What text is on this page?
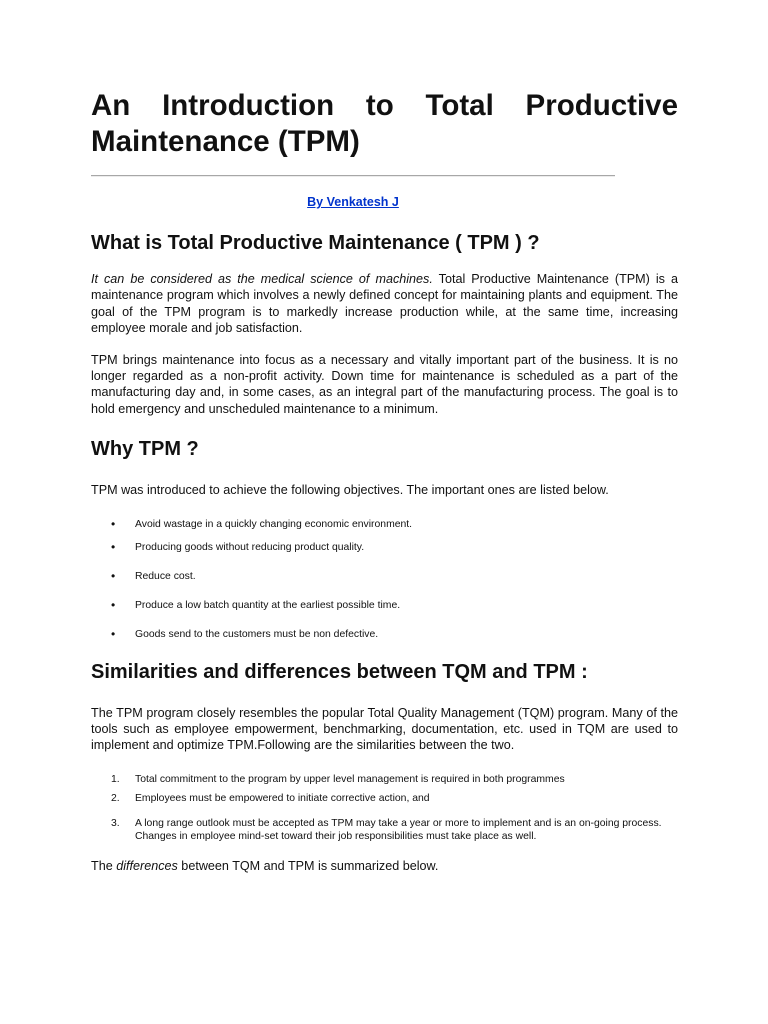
An Introduction to Total Productive Maintenance (TPM)
By Venkatesh J
What is Total Productive Maintenance ( TPM ) ?

It can be considered as the medical science of machines. Total Productive Maintenance (TPM) is a maintenance program which involves a newly defined concept for maintaining plants and equipment. The goal of the TPM program is to markedly increase production while, at the same time, increasing employee morale and job satisfaction.

TPM brings maintenance into focus as a necessary and vitally important part of the business. It is no longer regarded as a non-profit activity. Down time for maintenance is scheduled as a part of the manufacturing day and, in some cases, as an integral part of the manufacturing process. The goal is to hold emergency and unscheduled maintenance to a minimum.

Why TPM ?

TPM was introduced to achieve the following objectives. The important ones are listed below.

• Avoid wastage in a quickly changing economic environment.
• Producing goods without reducing product quality.
• Reduce cost.
• Produce a low batch quantity at the earliest possible time.
• Goods send to the customers must be non defective.
Similarities and differences between TQM and TPM :

The TPM program closely resembles the popular Total Quality Management (TQM) program. Many of the tools such as employee empowerment, benchmarking, documentation, etc. used in TQM are used to implement and optimize TPM.Following are the similarities between the two.

1. Total commitment to the program by upper level management is required in both programmes
2. Employees must be empowered to initiate corrective action, and
3. A long range outlook must be accepted as TPM may take a year or more to implement and is an on-going process. Changes in employee mind-set toward their job responsibilities must take place as well.

The differences between TQM and TPM is summarized below.
